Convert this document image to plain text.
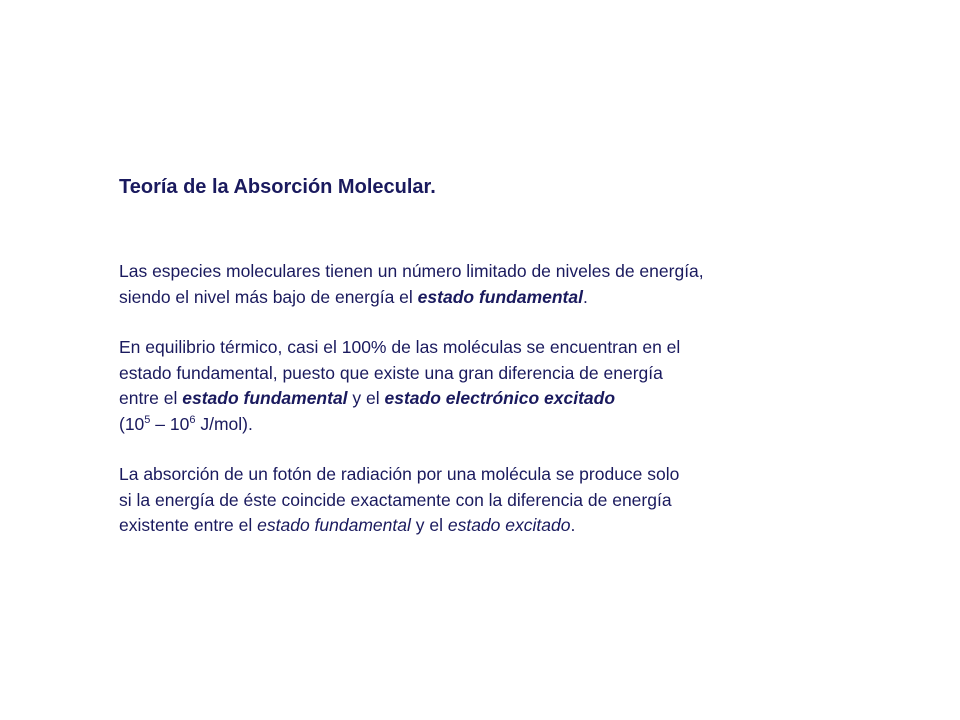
Teoría de la Absorción Molecular.

Las especies moleculares tienen un número limitado de niveles de energía,
siendo el nivel más bajo de energía el estado fundamental.

En equilibrio térmico, casi el 100% de las moléculas se encuentran en el
estado fundamental, puesto que existe una gran diferencia de energía
entre el estado fundamental y el estado electrónico excitado
($10^5 - 10^6$ J/mol).

La absorción de un fotón de radiación por una molécula se produce solo
si la energía de éste coincide exactamente con la diferencia de energía
existente entre el estado fundamental y el estado excitado.
